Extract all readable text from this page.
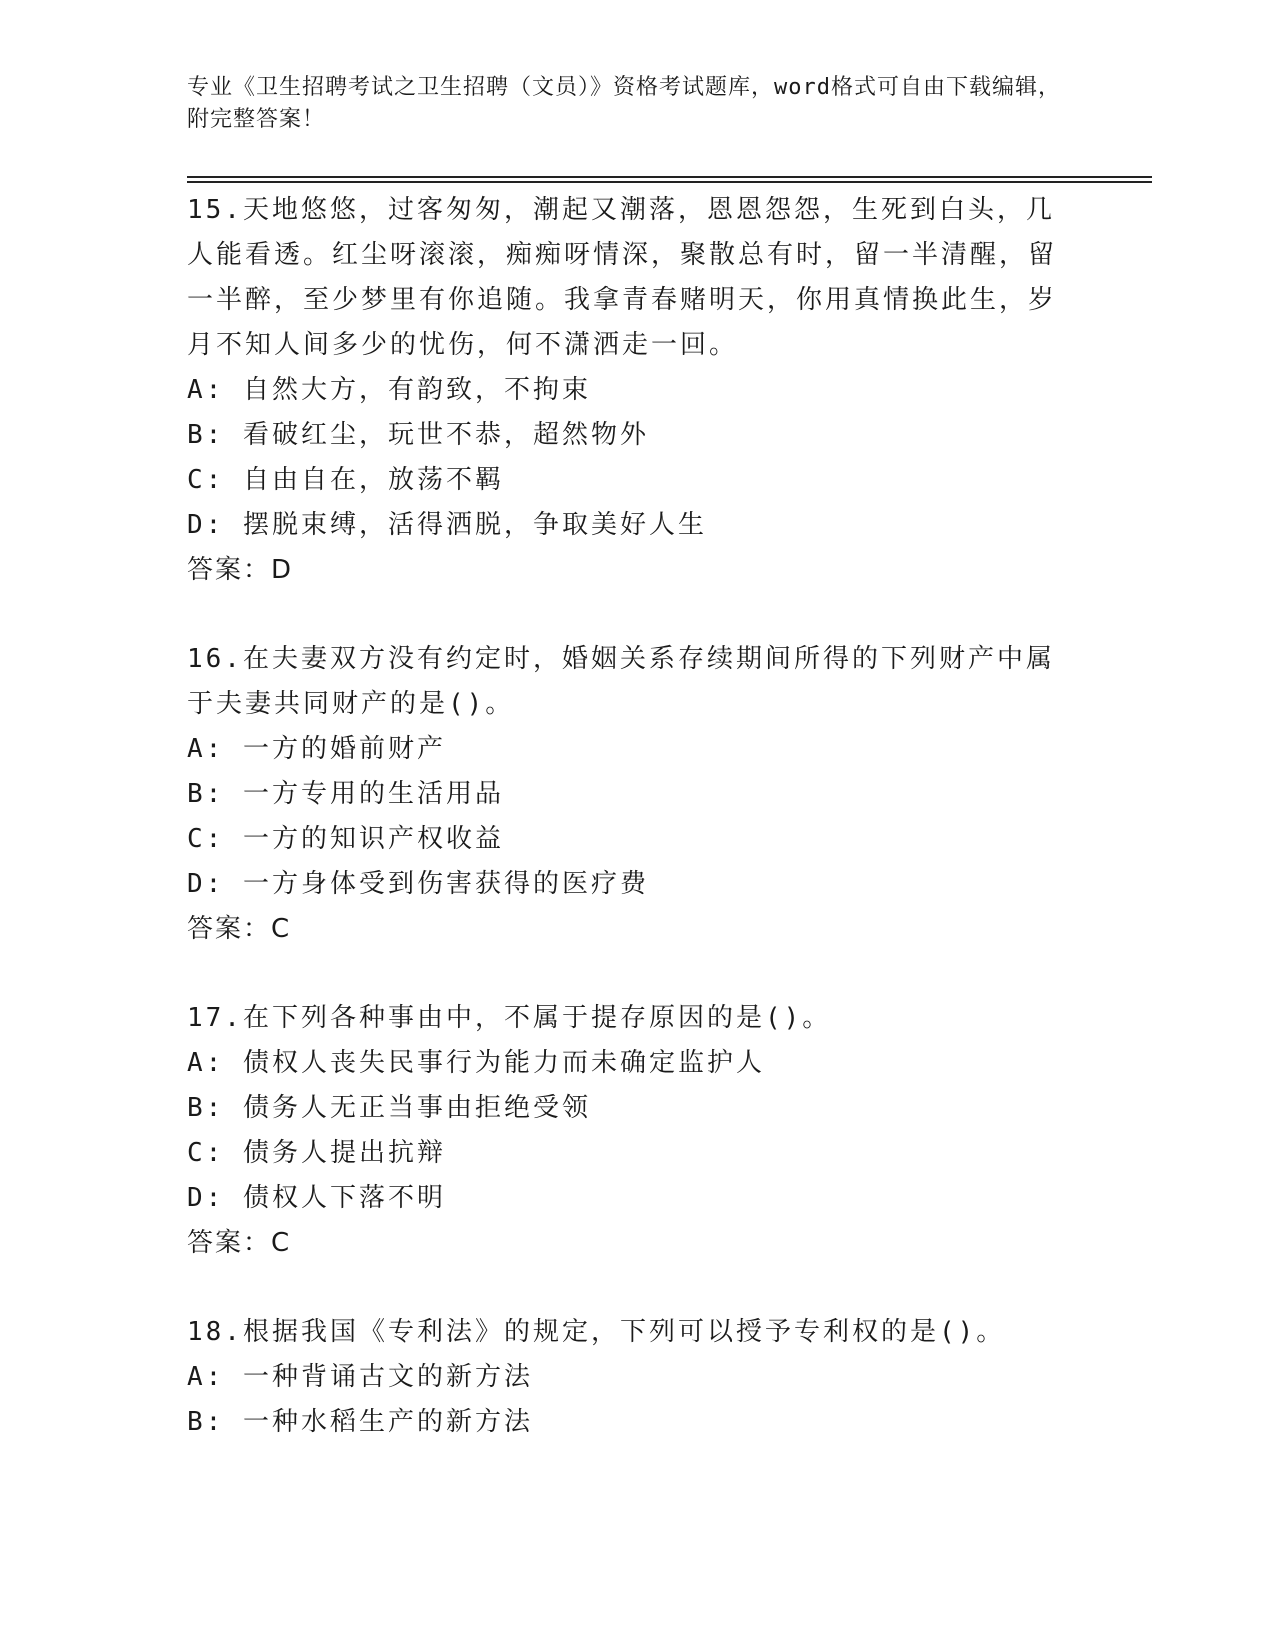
专业《卫生招聘考试之卫生招聘（文员）》资格考试题库，word格式可自由下载编辑，附完整答案！
15.天地悠悠，过客匆匆，潮起又潮落，恩恩怨怨，生死到白头，几人能看透。红尘呀滚滚，痴痴呀情深，聚散总有时，留一半清醒，留一半醉，至少梦里有你追随。我拿青春赌明天，你用真情换此生，岁月不知人间多少的忧伤，何不潇洒走一回。
A: 自然大方，有韵致，不拘束
B: 看破红尘，玩世不恭，超然物外
C: 自由自在，放荡不羁
D: 摆脱束缚，活得洒脱，争取美好人生
答案：D
16.在夫妻双方没有约定时，婚姻关系存续期间所得的下列财产中属于夫妻共同财产的是()。
A: 一方的婚前财产
B: 一方专用的生活用品
C: 一方的知识产权收益
D: 一方身体受到伤害获得的医疗费
答案：C
17.在下列各种事由中，不属于提存原因的是()。
A: 债权人丧失民事行为能力而未确定监护人
B: 债务人无正当事由拒绝受领
C: 债务人提出抗辩
D: 债权人下落不明
答案：C
18.根据我国《专利法》的规定，下列可以授予专利权的是()。
A: 一种背诵古文的新方法
B: 一种水稻生产的新方法
